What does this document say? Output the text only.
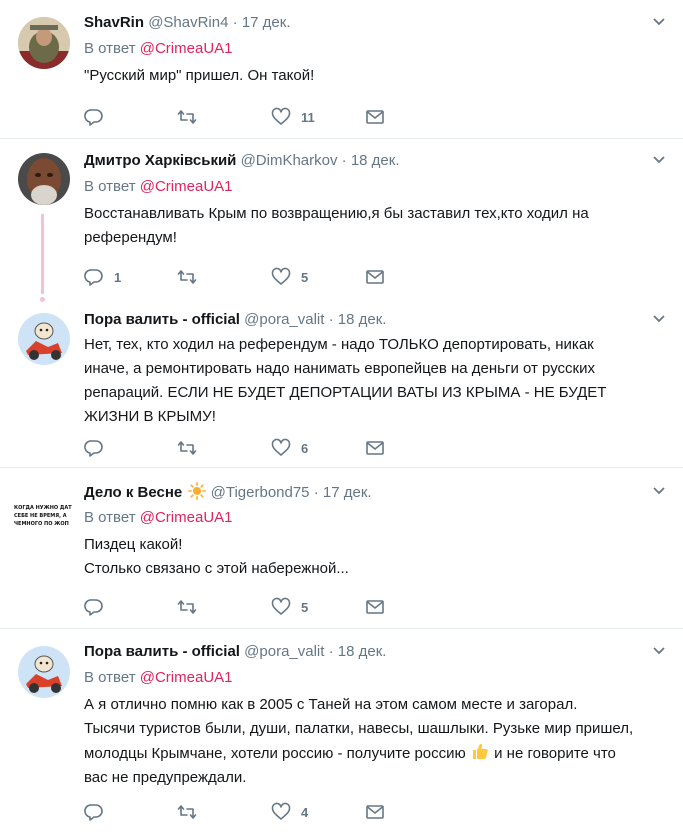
ShavRin @ShavRin4 · 17 дек.
В ответ @CrimeaUA1
"Русский мир" пришел. Он такой!
11
Дмитро Харківський @DimKharkov · 18 дек.
В ответ @CrimeaUA1
Восстанавливать Крым по возвращению,я бы заставил тех,кто ходил на
референдум!
1	5
Пора валить - official @pora_valit · 18 дек.
Нет, тех, кто ходил на референдум - надо ТОЛЬКО депортировать, никак
иначе, а ремонтировать надо нанимать европейцев на деньги от русских
репараций. ЕСЛИ НЕ БУДЕТ ДЕПОРТАЦИИ ВАТЫ ИЗ КРЫМА - НЕ БУДЕТ
ЖИЗНИ В КРЫМУ!
6
КОГДА НУЖНО ДАТ
СЕБЕ НЕ ВРЕМЯ, А
ЧЕМНОГО ПО ЖОП
Дело к Весне @Tigerbond75 · 17 дек.
В ответ @CrimeaUA1
Пиздец какой!
Столько связано с этой набережной...
5
Пора валить - official @pora_valit · 18 дек.
В ответ @CrimeaUA1
А я отлично помню как в 2005 с Таней на этом самом месте и загорал.
Тысячи туристов были, души, палатки, навесы, шашлыки. Рузьке мир пришел,
молодцы Крымчане, хотели россию - получите россию и не говорите что
вас не предупреждали.
4
